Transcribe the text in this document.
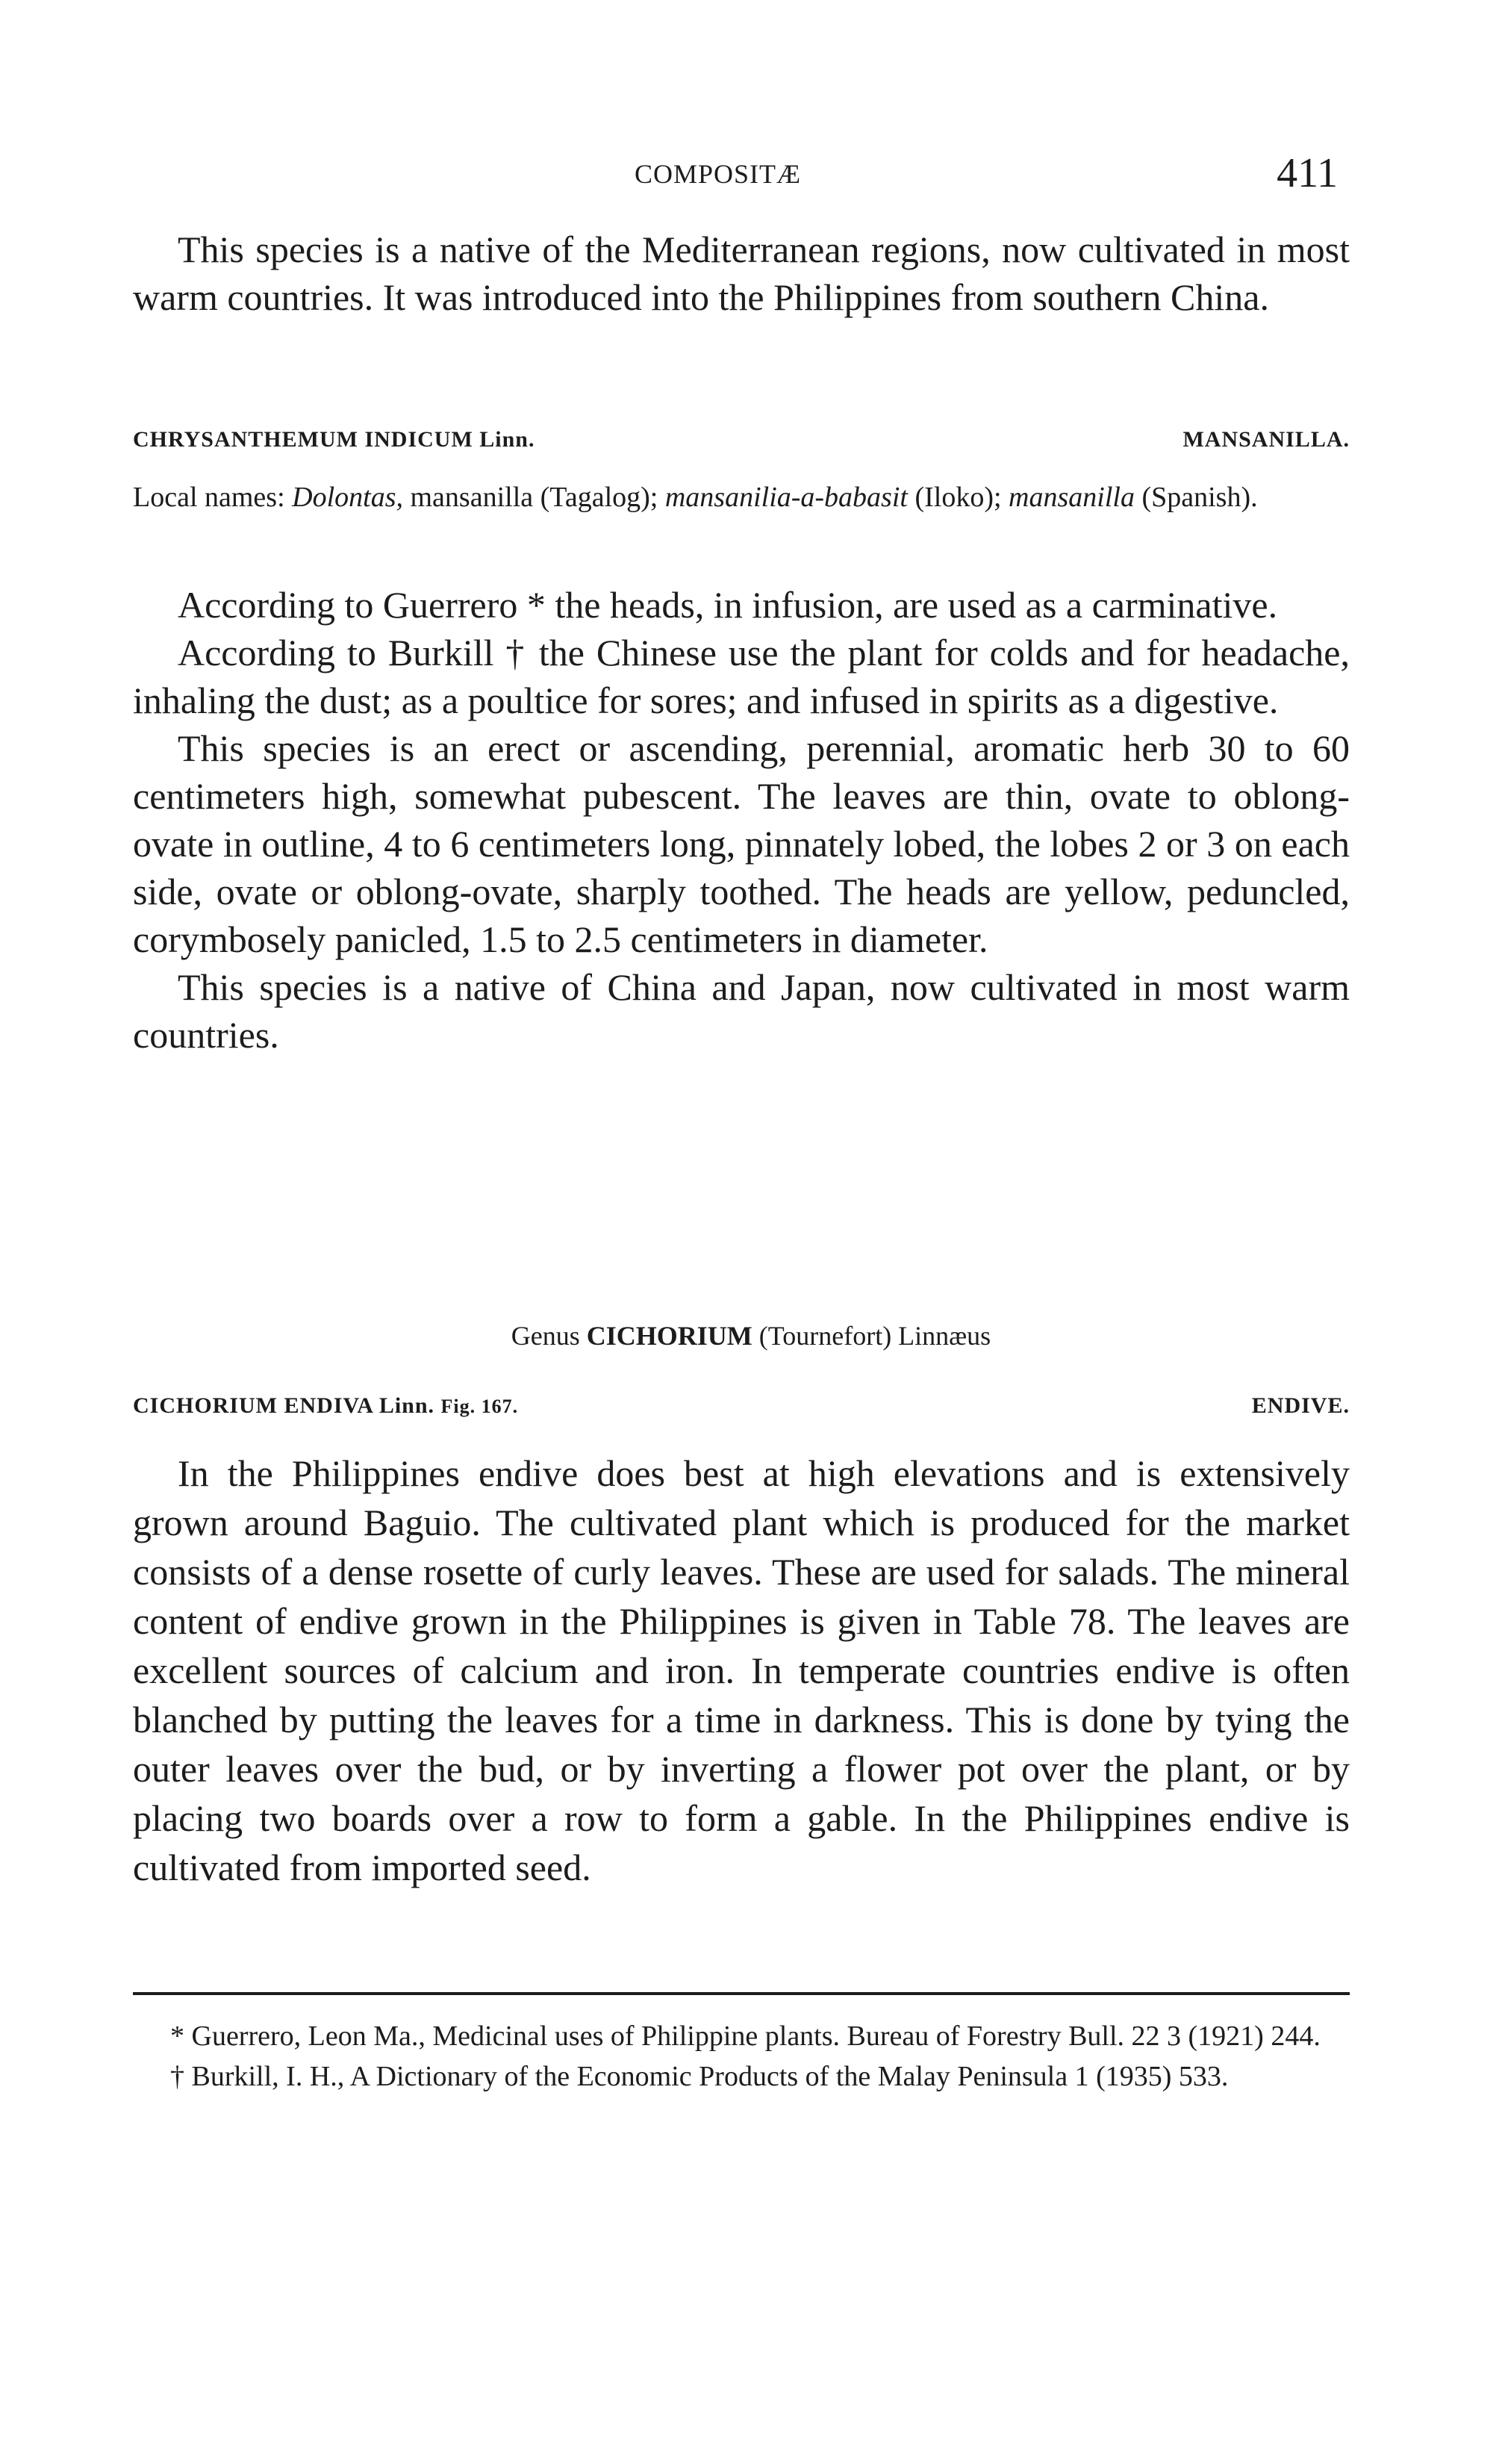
COMPOSITÆ	411

This species is a native of the Mediterranean regions, now cultivated in most warm countries. It was introduced into the Philippines from southern China.

CHRYSANTHEMUM INDICUM Linn.	MANSANILLA.
Local names: Dolontas, mansanilla (Tagalog); mansanilia-a-babasit (Iloko); mansanilla (Spanish).

According to Guerrero * the heads, in infusion, are used as a carminative.

According to Burkill † the Chinese use the plant for colds and for headache, inhaling the dust; as a poultice for sores; and infused in spirits as a digestive.

This species is an erect or ascending, perennial, aromatic herb 30 to 60 centimeters high, somewhat pubescent. The leaves are thin, ovate to oblong-ovate in outline, 4 to 6 centimeters long, pinnately lobed, the lobes 2 or 3 on each side, ovate or oblong-ovate, sharply toothed. The heads are yellow, peduncled, corymbosely panicled, 1.5 to 2.5 centimeters in diameter.

This species is a native of China and Japan, now cultivated in most warm countries.

Genus CICHORIUM (Tournefort) Linnæus
CICHORIUM ENDIVA Linn. Fig. 167.	ENDIVE.

In the Philippines endive does best at high elevations and is extensively grown around Baguio. The cultivated plant which is produced for the market consists of a dense rosette of curly leaves. These are used for salads. The mineral content of endive grown in the Philippines is given in Table 78. The leaves are excellent sources of calcium and iron. In temperate countries endive is often blanched by putting the leaves for a time in darkness. This is done by tying the outer leaves over the bud, or by inverting a flower pot over the plant, or by placing two boards over a row to form a gable. In the Philippines endive is cultivated from imported seed.

* Guerrero, Leon Ma., Medicinal uses of Philippine plants. Bureau of Forestry Bull. 22 3 (1921) 244.

† Burkill, I. H., A Dictionary of the Economic Products of the Malay Peninsula 1 (1935) 533.
